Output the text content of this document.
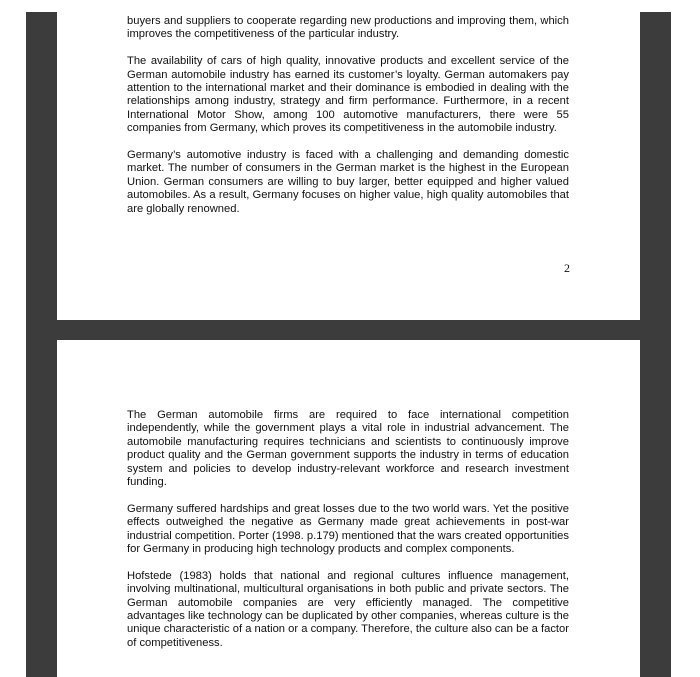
buyers and suppliers to cooperate regarding new productions and improving them, which improves the competitiveness of the particular industry.

The availability of cars of high quality, innovative products and excellent service of the German automobile industry has earned its customer’s loyalty. German automakers pay attention to the international market and their dominance is embodied in dealing with the relationships among industry, strategy and firm performance. Furthermore, in a recent International Motor Show, among 100 automotive manufacturers, there were 55 companies from Germany, which proves its competitiveness in the automobile industry.

Germany’s automotive industry is faced with a challenging and demanding domestic market. The number of consumers in the German market is the highest in the European Union. German consumers are willing to buy larger, better equipped and higher valued automobiles. As a result, Germany focuses on higher value, high quality automobiles that are globally renowned.

2

The German automobile firms are required to face international competition independently, while the government plays a vital role in industrial advancement. The automobile manufacturing requires technicians and scientists to continuously improve product quality and the German government supports the industry in terms of education system and policies to develop industry-relevant workforce and research investment funding.

Germany suffered hardships and great losses due to the two world wars. Yet the positive effects outweighed the negative as Germany made great achievements in post-war industrial competition. Porter (1998. p.179) mentioned that the wars created opportunities for Germany in producing high technology products and complex components.

Hofstede (1983) holds that national and regional cultures influence management, involving multinational, multicultural organisations in both public and private sectors. The German automobile companies are very efficiently managed. The competitive advantages like technology can be duplicated by other companies, whereas culture is the unique characteristic of a nation or a company. Therefore, the culture also can be a factor of competitiveness.
